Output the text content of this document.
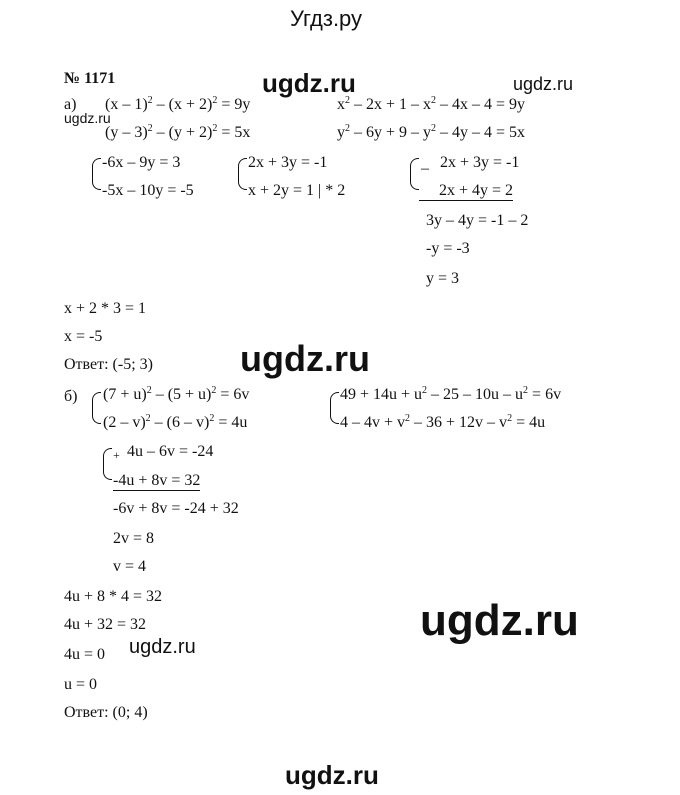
Угдз.ру
ugdz.ru	ugdz.ru
ugdz.ru
ugdz.ru
ugdz.ru
ugdz.ru
ugdz.ru
№ 1171
а) $(x - 1)^2 - (x + 2)^2 = 9y$	$x^2 - 2x + 1 - x^2 - 4x - 4 = 9y$
$(y - 3)^2 - (y + 2)^2 = 5x$	$y^2 - 6y + 9 - y^2 - 4y - 4 = 5x$
-6x – 9y = 3
-5x – 10y = -5
2x + 3y = -1
x + 2y = 1 | * 2
– 2x + 3y = -1
2x + 4y = 2
3y – 4y = -1 – 2
-y = -3
y = 3
x + 2 * 3 = 1
x = -5
Ответ: (-5; 3)
б) $(7 + u)^2 - (5 + u)^2 = 6v$
(2 – v)$^2$ – (6 – v)$^2$ = 4u
$49 + 14u + u^2 - 25 - 10u - u^2 = 6v$
$4 - 4v + v^2 - 36 + 12v - v^2 = 4u$
+ 4u – 6v = -24
-4u + 8v = 32
-6v + 8v = -24 + 32
2v = 8
v = 4
4u + 8 * 4 = 32
4u + 32 = 32
4u = 0
u = 0
Ответ: (0; 4)
